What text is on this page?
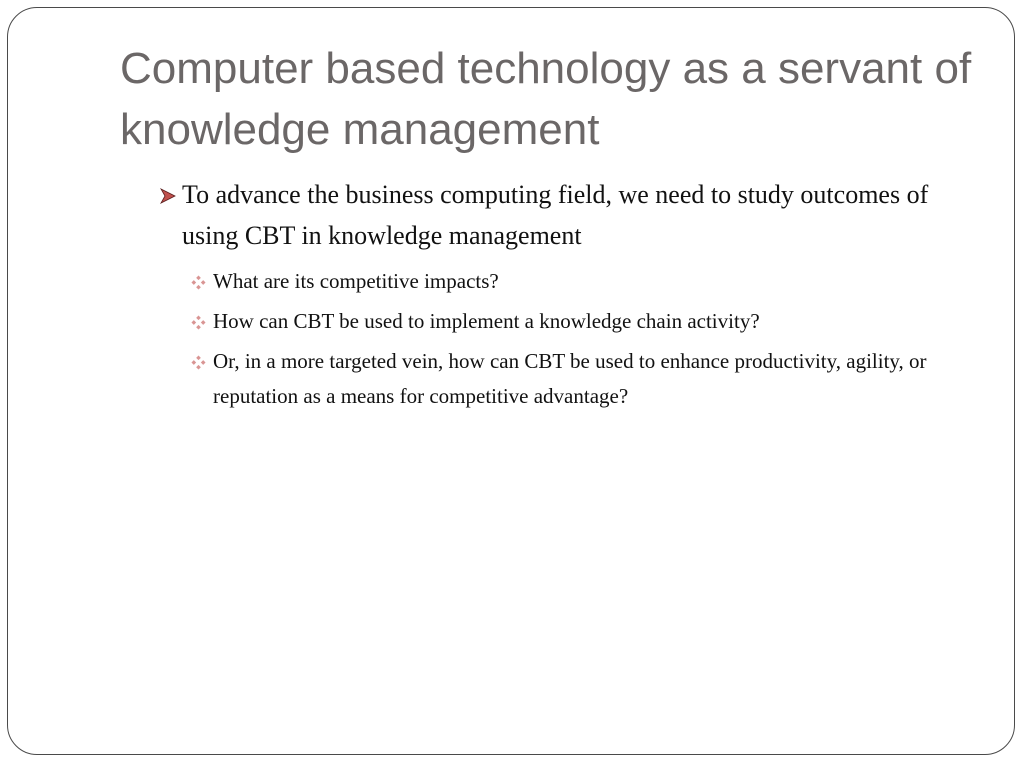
Computer based technology as a servant of knowledge management
To advance the business computing field, we need to study outcomes of using CBT in knowledge management
What are its competitive impacts?
How can CBT be used to implement a knowledge chain activity?
Or, in a more targeted vein, how can CBT be used to enhance productivity, agility, or reputation as a means for competitive advantage?
